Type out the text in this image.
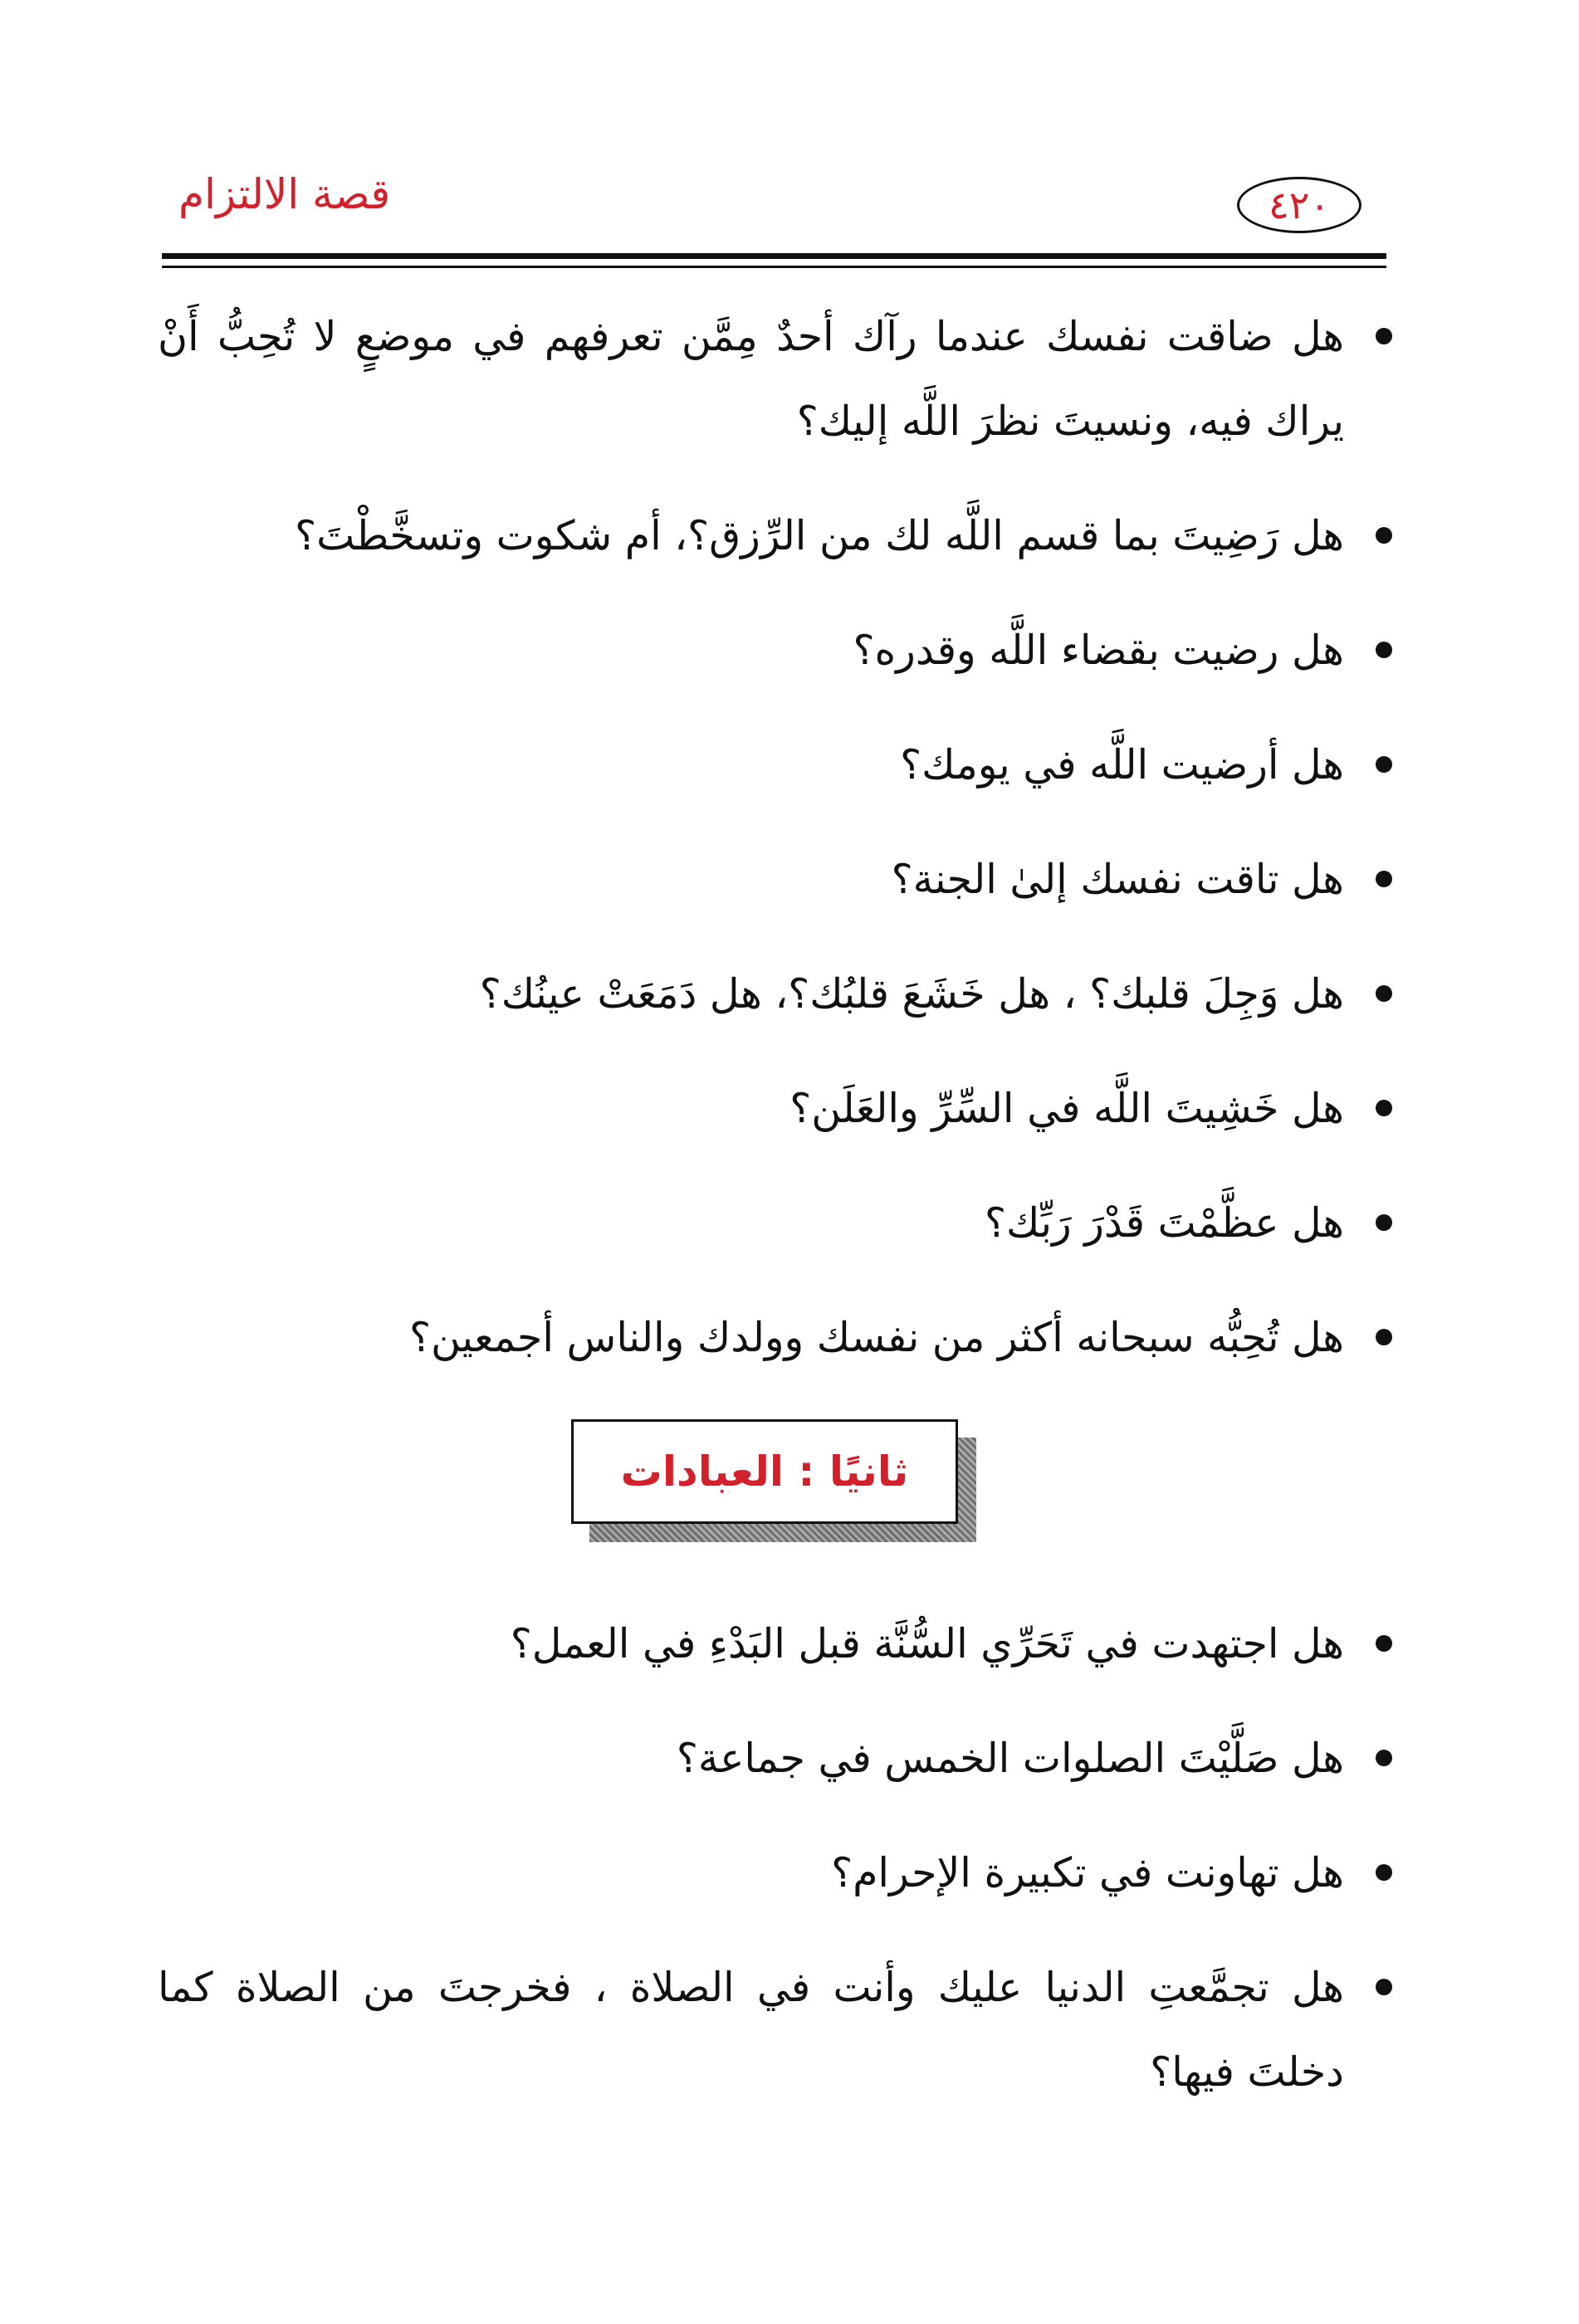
قصة الالتزام	٤٢٠
هل ضاقت نفسك عندما رآك أحدٌ مِمَّن تعرفهم في موضعٍ لا تُحِبُّ أَنْ يراك فيه، ونسيتَ نظرَ اللَّه إليك؟
هل رَضِيتَ بما قسم اللَّه لك من الرِّزق؟، أم شكوت وتسخَّطْتَ؟
هل رضيت بقضاء اللَّه وقدره؟
هل أرضيت اللَّه في يومك؟
هل تاقت نفسك إلىٰ الجنة؟
هل وَجِلَ قلبك؟ ، هل خَشَعَ قلبُك؟، هل دَمَعَتْ عينُك؟
هل خَشِيتَ اللَّه في السِّرِّ والعَلَن؟
هل عظَّمْتَ قَدْرَ رَبِّك؟
هل تُحِبُّه سبحانه أكثر من نفسك وولدك والناس أجمعين؟
ثانيًا : العبادات
هل اجتهدت في تَحَرِّي السُّنَّة قبل البَدْءِ في العمل؟
هل صَلَّيْتَ الصلوات الخمس في جماعة؟
هل تهاونت في تكبيرة الإحرام؟
هل تجمَّعتِ الدنيا عليك وأنت في الصلاة ، فخرجتَ من الصلاة كما دخلتَ فيها؟
